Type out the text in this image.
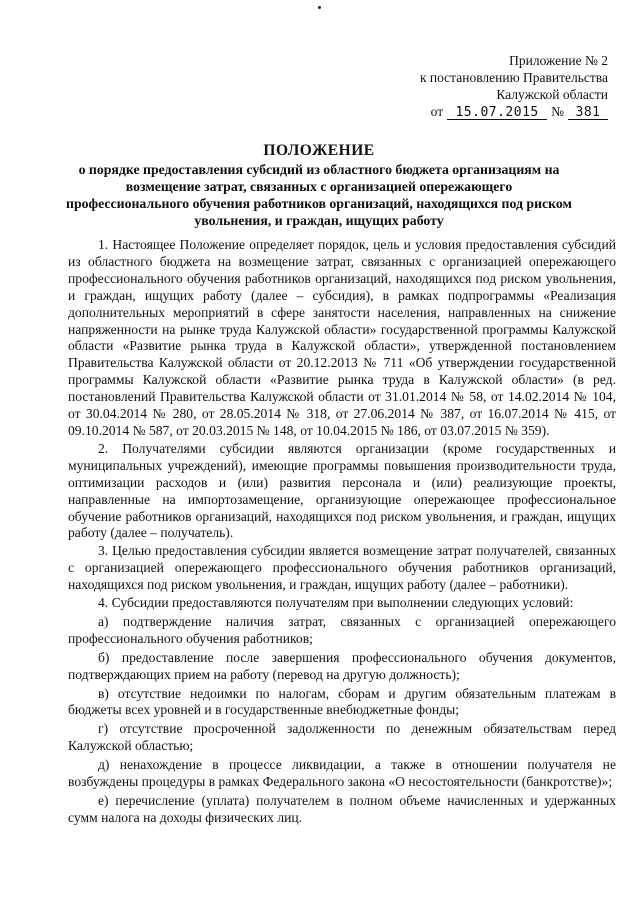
Приложение № 2
к постановлению Правительства
Калужской области
от 15.07.2015 № 381
ПОЛОЖЕНИЕ
о порядке предоставления субсидий из областного бюджета организациям на возмещение затрат, связанных с организацией опережающего профессионального обучения работников организаций, находящихся под риском увольнения, и граждан, ищущих работу

1. Настоящее Положение определяет порядок, цель и условия предоставления субсидий из областного бюджета на возмещение затрат, связанных с организацией опережающего профессионального обучения работников организаций, находящихся под риском увольнения, и граждан, ищущих работу (далее – субсидия), в рамках подпрограммы «Реализация дополнительных мероприятий в сфере занятости населения, направленных на снижение напряженности на рынке труда Калужской области» государственной программы Калужской области «Развитие рынка труда в Калужской области», утвержденной постановлением Правительства Калужской области от 20.12.2013 № 711 «Об утверждении государственной программы Калужской области «Развитие рынка труда в Калужской области» (в ред. постановлений Правительства Калужской области от 31.01.2014 № 58, от 14.02.2014 № 104, от 30.04.2014 № 280, от 28.05.2014 № 318, от 27.06.2014 № 387, от 16.07.2014 № 415, от 09.10.2014 № 587, от 20.03.2015 № 148, от 10.04.2015 № 186, от 03.07.2015 № 359).

2. Получателями субсидии являются организации (кроме государственных и муниципальных учреждений), имеющие программы повышения производительности труда, оптимизации расходов и (или) развития персонала и (или) реализующие проекты, направленные на импортозамещение, организующие опережающее профессиональное обучение работников организаций, находящихся под риском увольнения, и граждан, ищущих работу (далее – получатель).

3. Целью предоставления субсидии является возмещение затрат получателей, связанных с организацией опережающего профессионального обучения работников организаций, находящихся под риском увольнения, и граждан, ищущих работу (далее – работники).

4. Субсидии предоставляются получателям при выполнении следующих условий:

а) подтверждение наличия затрат, связанных с организацией опережающего профессионального обучения работников;

б) предоставление после завершения профессионального обучения документов, подтверждающих прием на работу (перевод на другую должность);

в) отсутствие недоимки по налогам, сборам и другим обязательным платежам в бюджеты всех уровней и в государственные внебюджетные фонды;

г) отсутствие просроченной задолженности по денежным обязательствам перед Калужской областью;

д) ненахождение в процессе ликвидации, а также в отношении получателя не возбуждены процедуры в рамках Федерального закона «О несостоятельности (банкротстве)»;

е) перечисление (уплата) получателем в полном объеме начисленных и удержанных сумм налога на доходы физических лиц.
